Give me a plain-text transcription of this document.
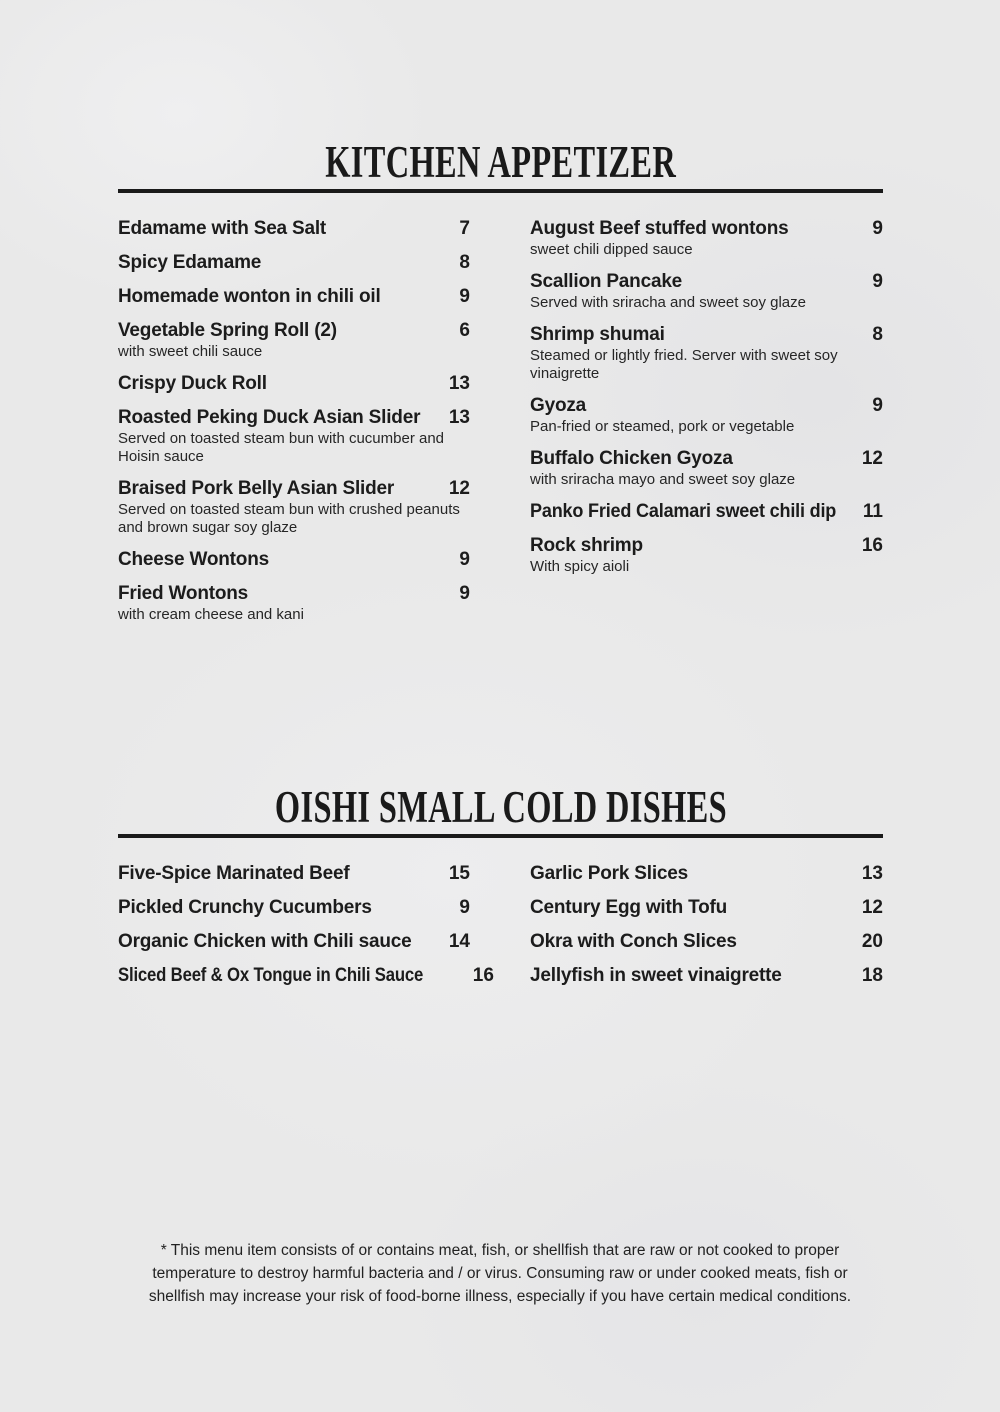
KITCHEN APPETIZER
Edamame with Sea Salt	7
Spicy Edamame	8
Homemade wonton in chili oil	9
Vegetable Spring Roll (2)	6
with sweet chili sauce
Crispy Duck Roll	13
Roasted Peking Duck Asian Slider	13
Served on toasted steam bun with cucumber and Hoisin sauce
Braised Pork Belly Asian Slider	12
Served on toasted steam bun with crushed peanuts and brown sugar soy glaze
Cheese Wontons	9
Fried Wontons	9
with cream cheese and kani
August Beef stuffed wontons	9
sweet chili dipped sauce
Scallion Pancake	9
Served with sriracha and sweet soy glaze
Shrimp shumai	8
Steamed or lightly fried. Server with sweet soy vinaigrette
Gyoza	9
Pan-fried or steamed, pork or vegetable
Buffalo Chicken Gyoza	12
with sriracha mayo and sweet soy glaze
Panko Fried Calamari sweet chili dip 11
Rock shrimp	16
With spicy aioli
OISHI SMALL COLD DISHES
Five-Spice Marinated Beef	15
Pickled Crunchy Cucumbers	9
Organic Chicken with Chili sauce	14
Sliced Beef & Ox Tongue in Chili Sauce	16
Garlic Pork Slices	13
Century Egg with Tofu	12
Okra with Conch Slices	20
Jellyfish in sweet vinaigrette	18
* This menu item consists of or contains meat, fish, or shellfish that are raw or not cooked to proper
temperature to destroy harmful bacteria and / or virus. Consuming raw or under cooked meats, fish or
shellfish may increase your risk of food-borne illness, especially if you have certain medical conditions.
